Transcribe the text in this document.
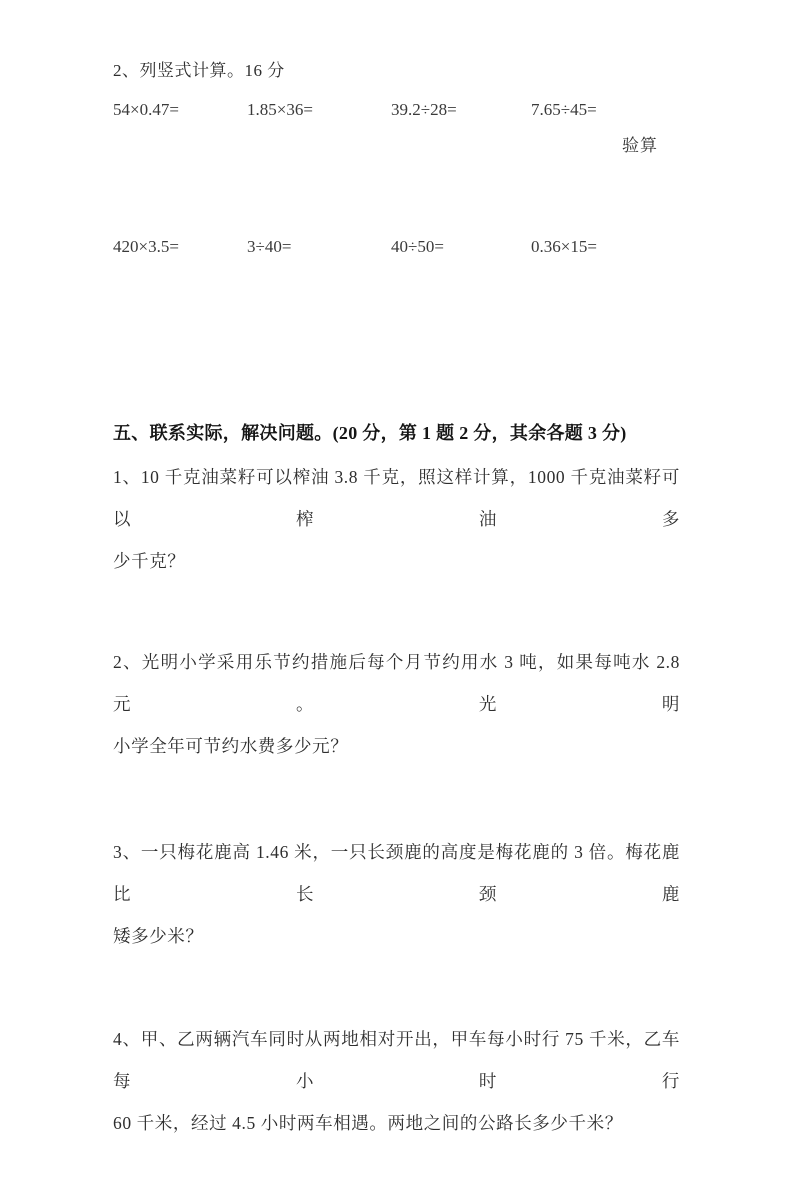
2、列竖式计算。16 分

54×0.47=	1.85×36=	39.2÷28=	7.65÷45=
验算
420×3.5=	3÷40=	40÷50=	0.36×15=

五、联系实际，解决问题。(20 分，第 1 题 2 分，其余各题 3 分)

1、10 千克油菜籽可以榨油 3.8 千克，照这样计算，1000 千克油菜籽可以榨油多
少千克？
2、光明小学采用乐节约措施后每个月节约用水 3 吨，如果每吨水 2.8 元。光明
小学全年可节约水费多少元？
3、一只梅花鹿高 1.46 米，一只长颈鹿的高度是梅花鹿的 3 倍。梅花鹿比长颈鹿
矮多少米？
4、甲、乙两辆汽车同时从两地相对开出，甲车每小时行 75 千米，乙车每小时行
60 千米，经过 4.5 小时两车相遇。两地之间的公路长多少千米？
